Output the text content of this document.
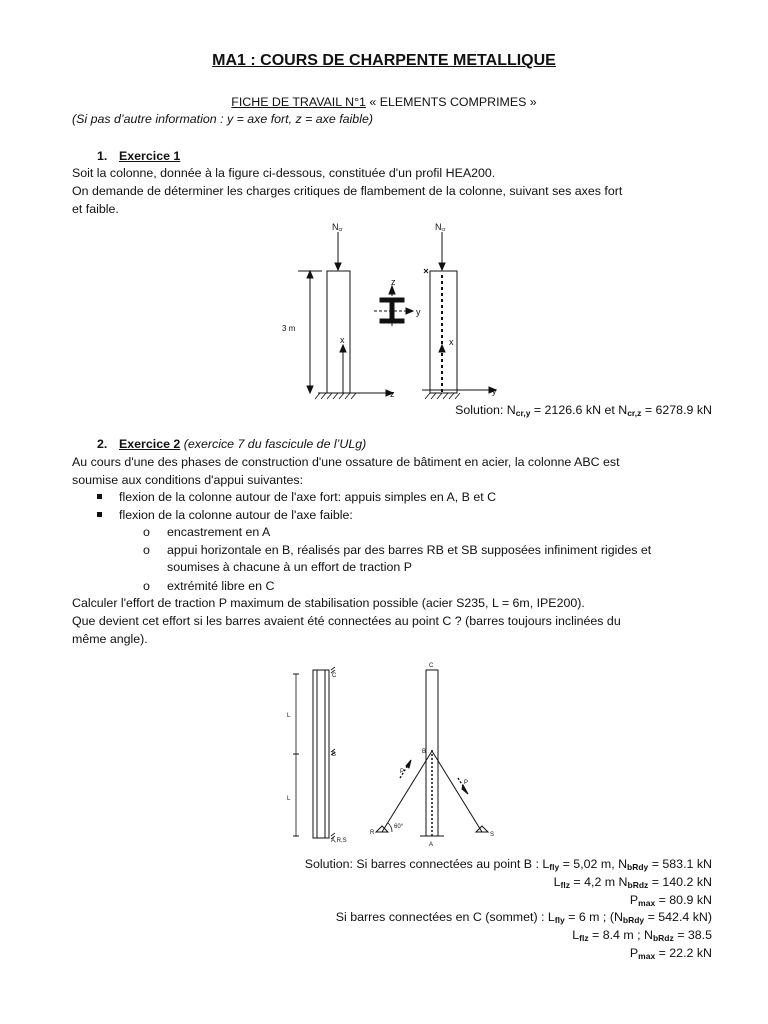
MA1 : COURS DE CHARPENTE METALLIQUE
FICHE DE TRAVAIL N°1 « ELEMENTS COMPRIMES »
(Si pas d’autre information : y = axe fort, z = axe faible)
1. Exercice 1
Soit la colonne, donnée à la figure ci-dessous, constituée d'un profil HEA200.
On demande de déterminer les charges critiques de flambement de la colonne, suivant ses axes fort
et faible.
Ncr	Ncr
3 m
x
z
z
y
x
y
Solution: $N_{cr,y} = 2126.6$ kN et $N_{cr,z} = 6278.9$ kN
2. Exercice 2 (exercice 7 du fascicule de l’ULg)
Au cours d'une des phases de construction d'une ossature de bâtiment en acier, la colonne ABC est
soumise aux conditions d'appui suivantes:
flexion de la colonne autour de l'axe fort: appuis simples en A, B et C
flexion de la colonne autour de l'axe faible:
o encastrement en A
o appui horizontale en B, réalisés par des barres RB et SB supposées infiniment rigides et
soumises à chacune à un effort de traction P
o extrémité libre en C
Calculer l'effort de traction P maximum de stabilisation possible (acier S235, L = 6m, IPE200).
Que devient cet effort si les barres avaient été connectées au point C ? (barres toujours inclinées du
même angle).
C
B
A,R,S
L
L
C
B
A
P
P
R	S
60°
Solution: Si barres connectées au point B : $L_{fly} = 5,02$ m, $N_{bRdy} = 583.1$ kN
$L_{flz} = 4,2$ m $N_{bRdz} = 140.2$ kN
$P_{max} = 80.9$ kN
Si barres connectées en C (sommet) : $L_{fly} = 6$ m ; ($N_{bRdy} = 542.4$ kN)
$L_{flz} = 8.4$ m ; $N_{bRdz} = 38.5$
$P_{max} = 22.2$ kN
